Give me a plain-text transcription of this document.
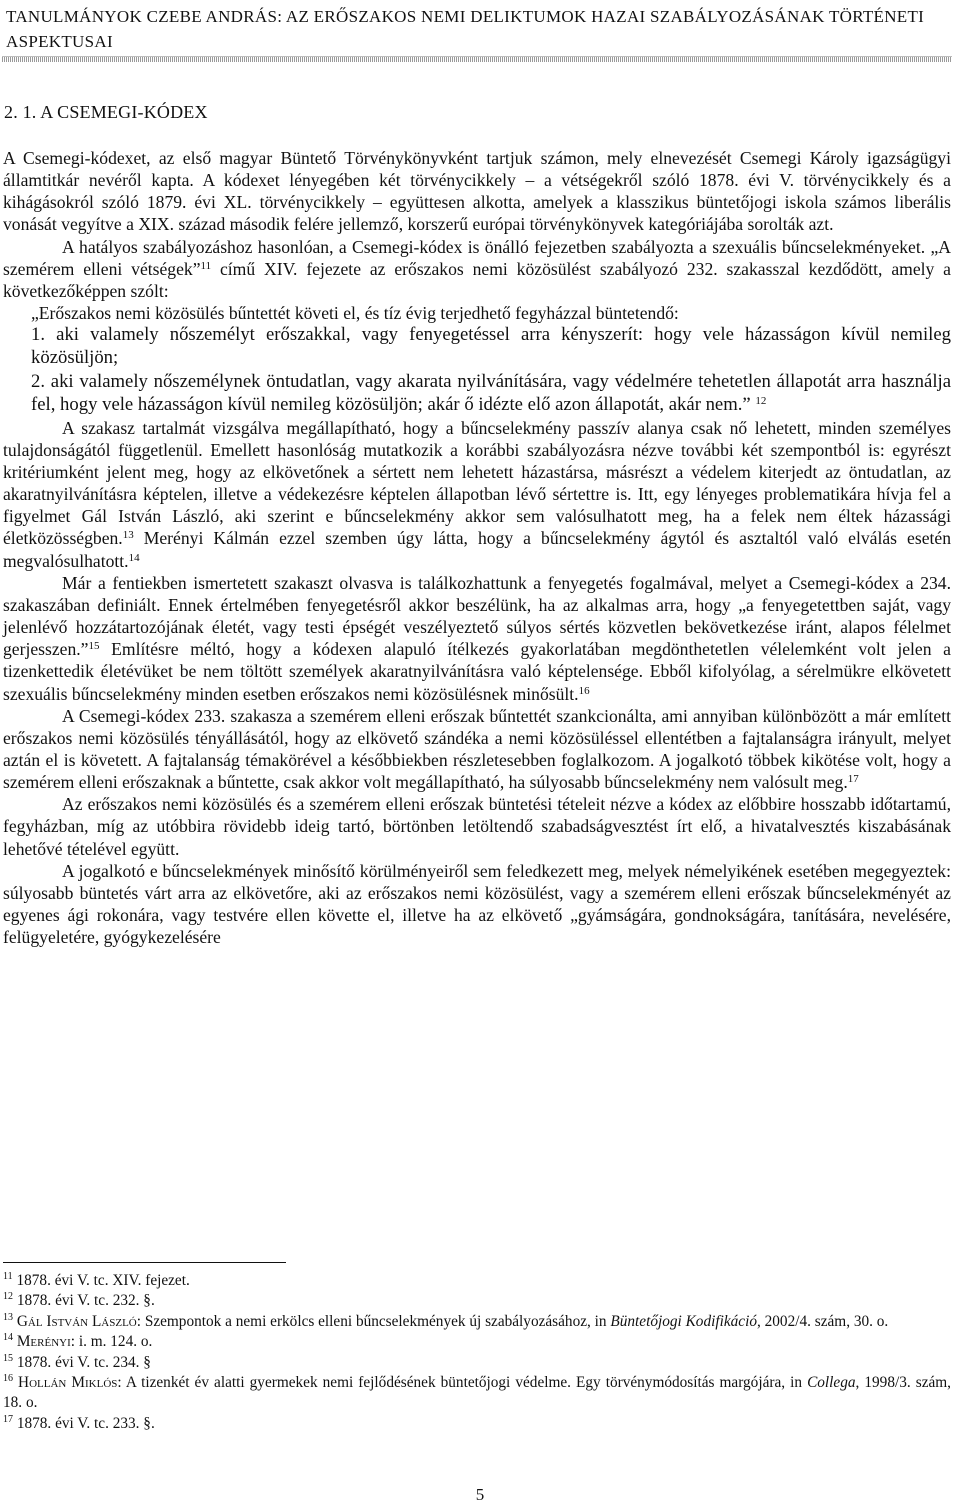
TANULMÁNYOK CZEBE ANDRÁS: AZ ERŐSZAKOS NEMI DELIKTUMOK HAZAI SZABÁLYOZÁSÁNAK TÖRTÉNETI ASPEKTUSAI
2. 1. A CSEMEGI-KÓDEX

A Csemegi-kódexet, az első magyar Büntető Törvénykönyvként tartjuk számon, mely elnevezését Csemegi Károly igazságügyi államtitkár nevéről kapta. A kódexet lényegében két törvénycikkely – a vétségekről szóló 1878. évi V. törvénycikkely és a kihágásokról szóló 1879. évi XL. törvénycikkely – együttesen alkotta, amelyek a klasszikus büntetőjogi iskola számos liberális vonását vegyítve a XIX. század második felére jellemző, korszerű európai törvénykönyvek kategóriájába sorolták azt.

A hatályos szabályozáshoz hasonlóan, a Csemegi-kódex is önálló fejezetben szabályozta a szexuális bűncselekményeket. „A szemérem elleni vétségek”$^{11}$ című XIV. fejezete az erőszakos nemi közösülést szabályozó 232. szakasszal kezdődött, amely a következőképpen szólt:

„Erőszakos nemi közösülés bűntettét követi el, és tíz évig terjedhető fegyházzal büntetendő:

1. aki valamely nőszemélyt erőszakkal, vagy fenyegetéssel arra kényszerít: hogy vele házasságon kívül nemileg közösüljön;
2. aki valamely nőszemélynek öntudatlan, vagy akarata nyilvánítására, vagy védelmére tehetetlen állapotát arra használja fel, hogy vele házasságon kívül nemileg közösüljön; akár ő idézte elő azon állapotát, akár nem.” $^{12}$

A szakasz tartalmát vizsgálva megállapítható, hogy a bűncselekmény passzív alanya csak nő lehetett, minden személyes tulajdonságától függetlenül. Emellett hasonlóság mutatkozik a korábbi szabályozásra nézve további két szempontból is: egyrészt kritériumként jelent meg, hogy az elkövetőnek a sértett nem lehetett házastársa, másrészt a védelem kiterjedt az öntudatlan, az akaratnyilvánításra képtelen, illetve a védekezésre képtelen állapotban lévő sértettre is. Itt, egy lényeges problematikára hívja fel a figyelmet Gál István László, aki szerint e bűncselekmény akkor sem valósulhatott meg, ha a felek nem éltek házassági életközösségben.$^{13}$ Merényi Kálmán ezzel szemben úgy látta, hogy a bűncselekmény ágytól és asztaltól való elválás esetén megvalósulhatott.$^{14}$

Már a fentiekben ismertetett szakaszt olvasva is találkozhattunk a fenyegetés fogalmával, melyet a Csemegi-kódex a 234. szakaszában definiált. Ennek értelmében fenyegetésről akkor beszélünk, ha az alkalmas arra, hogy „a fenyegetettben saját, vagy jelenlévő hozzátartozójának életét, vagy testi épségét veszélyeztető súlyos sértés közvetlen bekövetkezése iránt, alapos félelmet gerjesszen.”$^{15}$ Említésre méltó, hogy a kódexen alapuló ítélkezés gyakorlatában megdönthetetlen vélelemként volt jelen a tizenkettedik életévüket be nem töltött személyek akaratnyilvánításra való képtelensége. Ebből kifolyólag, a sérelmükre elkövetett szexuális bűncselekmény minden esetben erőszakos nemi közösülésnek minősült.$^{16}$

A Csemegi-kódex 233. szakasza a szemérem elleni erőszak bűntettét szankcionálta, ami annyiban különbözött a már említett erőszakos nemi közösülés tényállásától, hogy az elkövető szándéka a nemi közösüléssel ellentétben a fajtalanságra irányult, melyet aztán el is követett. A fajtalanság témakörével a későbbiekben részletesebben foglalkozom. A jogalkotó többek kikötése volt, hogy a szemérem elleni erőszaknak a bűntette, csak akkor volt megállapítható, ha súlyosabb bűncselekmény nem valósult meg.$^{17}$

Az erőszakos nemi közösülés és a szemérem elleni erőszak büntetési tételeit nézve a kódex az előbbire hosszabb időtartamú, fegyházban, míg az utóbbira rövidebb ideig tartó, börtönben letöltendő szabadságvesztést írt elő, a hivatalvesztés kiszabásának lehetővé tételével együtt.

A jogalkotó e bűncselekmények minősítő körülményeiről sem feledkezett meg, melyek némelyikének esetében megegyeztek: súlyosabb büntetés várt arra az elkövetőre, aki az erőszakos nemi közösülést, vagy a szemérem elleni erőszak bűncselekményét az egyenes ági rokonára, vagy testvére ellen követte el, illetve ha az elkövető „gyámságára, gondnokságára, tanítására, nevelésére, felügyeletére, gyógykezelésére

$^{11}$ 1878. évi V. tc. XIV. fejezet.

$^{12}$ 1878. évi V. tc. 232. §.

$^{13}$ Gál István László: Szempontok a nemi erkölcs elleni bűncselekmények új szabályozásához, in Büntetőjogi Kodifikáció, 2002/4. szám, 30. o.

$^{14}$ Merényi: i. m. 124. o.

$^{15}$ 1878. évi V. tc. 234. §

$^{16}$ Hollán Miklós: A tizenkét év alatti gyermekek nemi fejlődésének büntetőjogi védelme. Egy törvénymódosítás margójára, in Collega, 1998/3. szám, 18. o.

$^{17}$ 1878. évi V. tc. 233. §.

5
